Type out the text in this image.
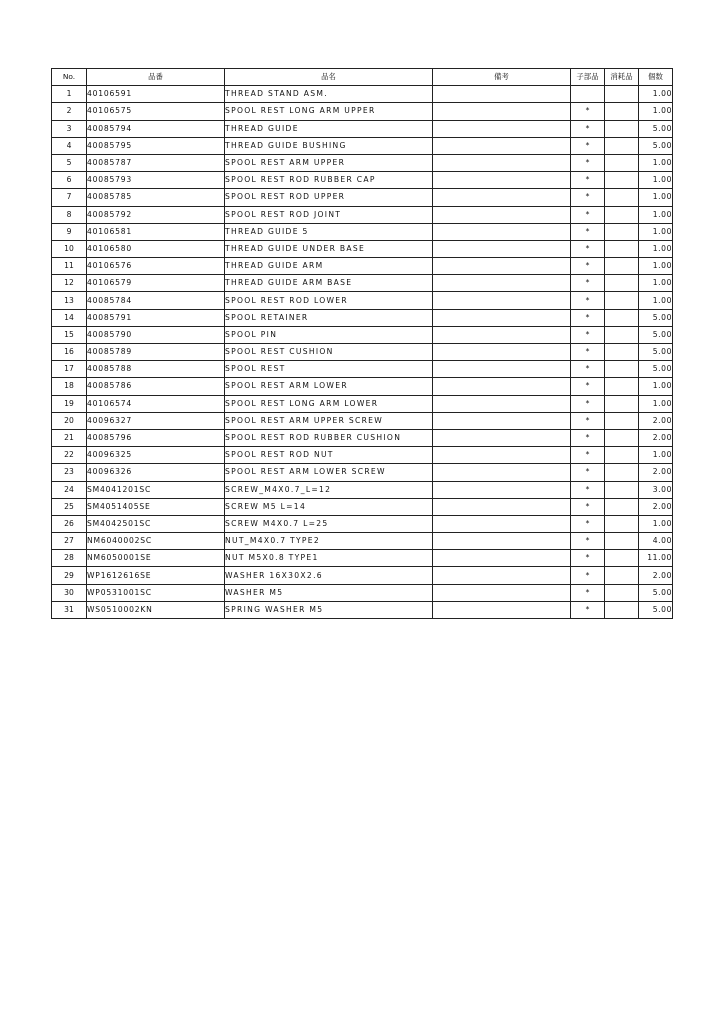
No.	品番	品名	備考	子部品	消耗品	個数
1	40106591	THREAD STAND ASM.				1.00
2	40106575	SPOOL REST LONG ARM UPPER		*		1.00
3	40085794	THREAD GUIDE		*		5.00
4	40085795	THREAD GUIDE BUSHING		*		5.00
5	40085787	SPOOL REST ARM UPPER		*		1.00
6	40085793	SPOOL REST ROD RUBBER CAP		*		1.00
7	40085785	SPOOL REST ROD UPPER		*		1.00
8	40085792	SPOOL REST ROD JOINT		*		1.00
9	40106581	THREAD GUIDE 5		*		1.00
10	40106580	THREAD GUIDE UNDER BASE		*		1.00
11	40106576	THREAD GUIDE ARM		*		1.00
12	40106579	THREAD GUIDE ARM BASE		*		1.00
13	40085784	SPOOL REST ROD LOWER		*		1.00
14	40085791	SPOOL RETAINER		*		5.00
15	40085790	SPOOL PIN		*		5.00
16	40085789	SPOOL REST CUSHION		*		5.00
17	40085788	SPOOL REST		*		5.00
18	40085786	SPOOL REST ARM LOWER		*		1.00
19	40106574	SPOOL REST LONG ARM LOWER		*		1.00
20	40096327	SPOOL REST ARM UPPER SCREW		*		2.00
21	40085796	SPOOL REST ROD RUBBER CUSHION		*		2.00
22	40096325	SPOOL REST ROD NUT		*		1.00
23	40096326	SPOOL REST ARM LOWER SCREW		*		2.00
24	SM4041201SC	SCREW_M4X0.7_L=12		*		3.00
25	SM4051405SE	SCREW M5 L=14		*		2.00
26	SM4042501SC	SCREW M4X0.7 L=25		*		1.00
27	NM6040002SC	NUT_M4X0.7 TYPE2		*		4.00
28	NM6050001SE	NUT M5X0.8 TYPE1		*		11.00
29	WP1612616SE	WASHER 16X30X2.6		*		2.00
30	WP0531001SC	WASHER M5		*		5.00
31	WS0510002KN	SPRING WASHER M5		*		5.00
